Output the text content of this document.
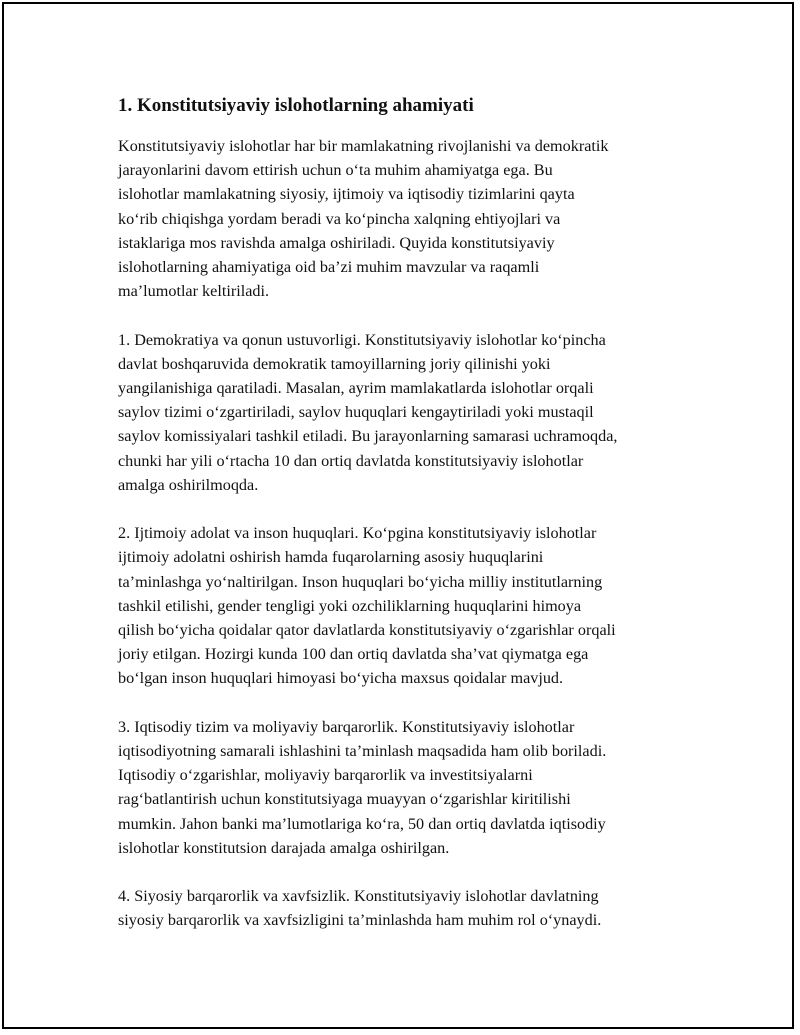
1. Konstitutsiyaviy islohotlarning ahamiyati

Konstitutsiyaviy islohotlar har bir mamlakatning rivojlanishi va demokratik
jarayonlarini davom ettirish uchun o‘ta muhim ahamiyatga ega. Bu
islohotlar mamlakatning siyosiy, ijtimoiy va iqtisodiy tizimlarini qayta
ko‘rib chiqishga yordam beradi va ko‘pincha xalqning ehtiyojlari va
istaklariga mos ravishda amalga oshiriladi. Quyida konstitutsiyaviy
islohotlarning ahamiyatiga oid ba’zi muhim mavzular va raqamli
ma’lumotlar keltiriladi.

1. Demokratiya va qonun ustuvorligi. Konstitutsiyaviy islohotlar ko‘pincha
davlat boshqaruvida demokratik tamoyillarning joriy qilinishi yoki
yangilanishiga qaratiladi. Masalan, ayrim mamlakatlarda islohotlar orqali
saylov tizimi o‘zgartiriladi, saylov huquqlari kengaytiriladi yoki mustaqil
saylov komissiyalari tashkil etiladi. Bu jarayonlarning samarasi uchramoqda,
chunki har yili o‘rtacha 10 dan ortiq davlatda konstitutsiyaviy islohotlar
amalga oshirilmoqda.

2. Ijtimoiy adolat va inson huquqlari. Ko‘pgina konstitutsiyaviy islohotlar
ijtimoiy adolatni oshirish hamda fuqarolarning asosiy huquqlarini
ta’minlashga yo‘naltirilgan. Inson huquqlari bo‘yicha milliy institutlarning
tashkil etilishi, gender tengligi yoki ozchiliklarning huquqlarini himoya
qilish bo‘yicha qoidalar qator davlatlarda konstitutsiyaviy o‘zgarishlar orqali
joriy etilgan. Hozirgi kunda 100 dan ortiq davlatda sha’vat qiymatga ega
bo‘lgan inson huquqlari himoyasi bo‘yicha maxsus qoidalar mavjud.

3. Iqtisodiy tizim va moliyaviy barqarorlik. Konstitutsiyaviy islohotlar
iqtisodiyotning samarali ishlashini ta’minlash maqsadida ham olib boriladi.
Iqtisodiy o‘zgarishlar, moliyaviy barqarorlik va investitsiyalarni
rag‘batlantirish uchun konstitutsiyaga muayyan o‘zgarishlar kiritilishi
mumkin. Jahon banki ma’lumotlariga ko‘ra, 50 dan ortiq davlatda iqtisodiy
islohotlar konstitutsion darajada amalga oshirilgan.

4. Siyosiy barqarorlik va xavfsizlik. Konstitutsiyaviy islohotlar davlatning
siyosiy barqarorlik va xavfsizligini ta’minlashda ham muhim rol o‘ynaydi.
